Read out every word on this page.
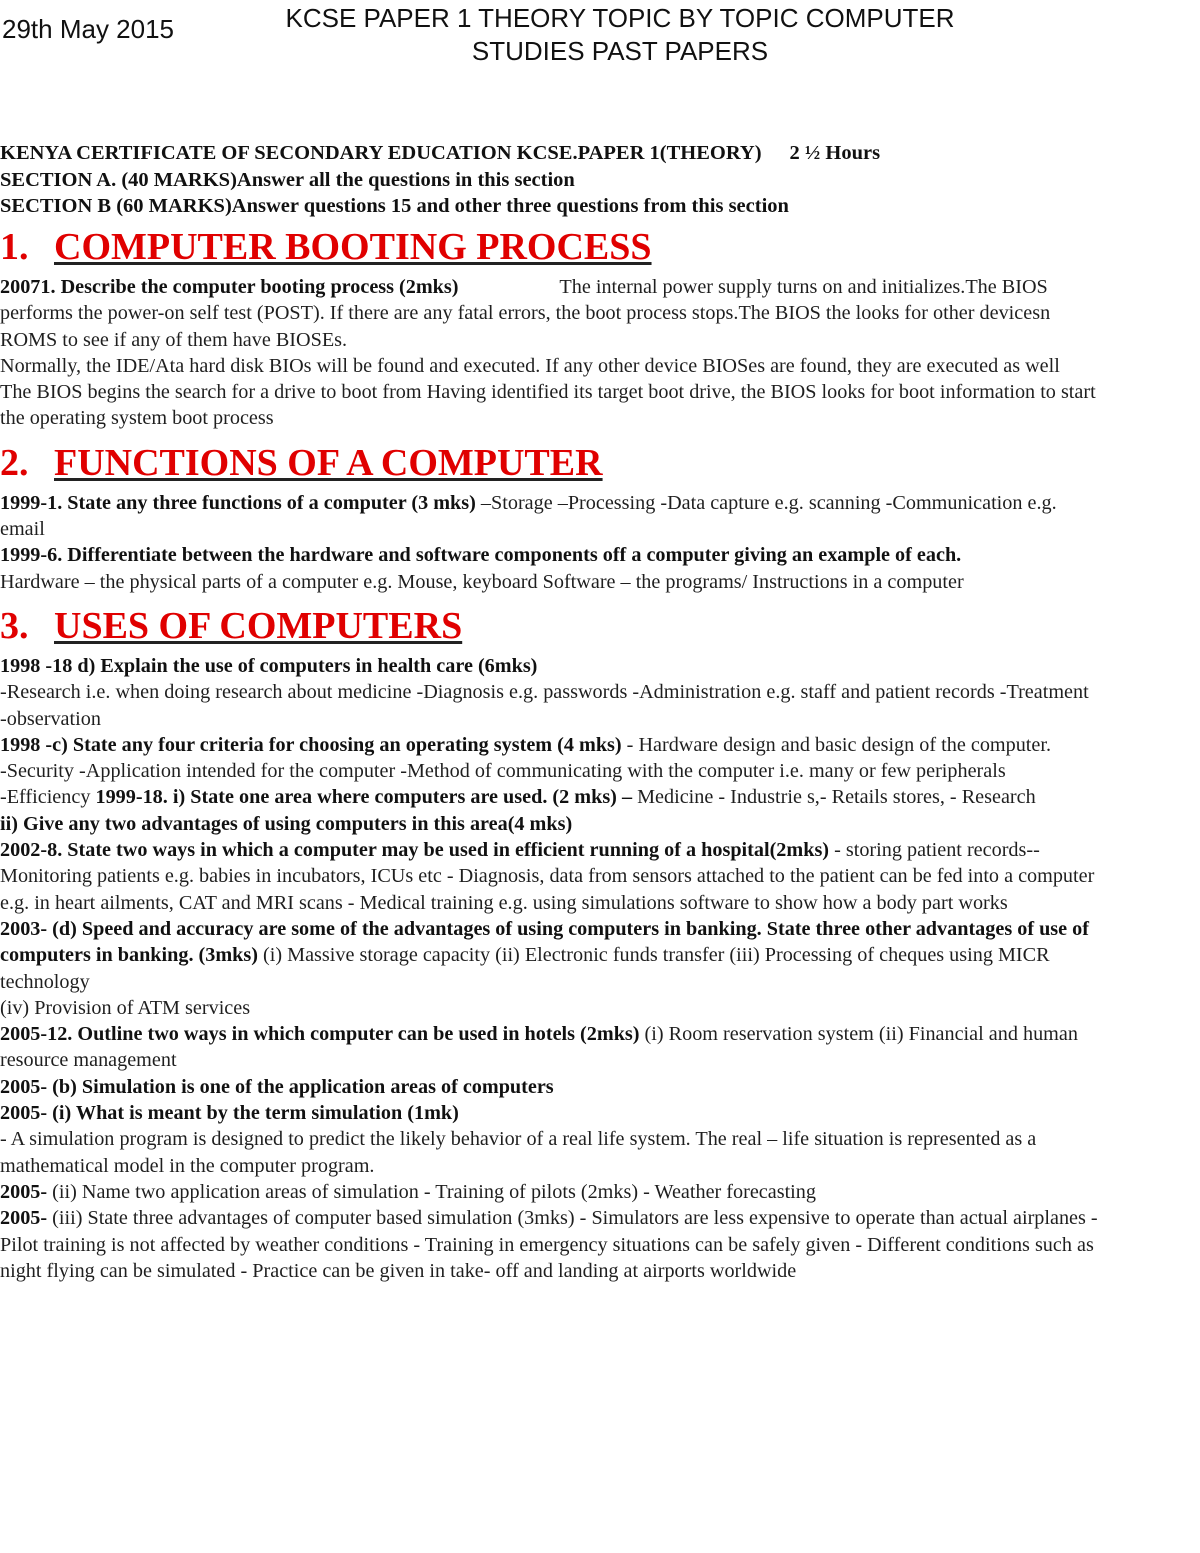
29th May 2015	KCSE PAPER 1 THEORY TOPIC BY TOPIC COMPUTER
STUDIES PAST PAPERS
KENYA CERTIFICATE OF SECONDARY EDUCATION KCSE.PAPER 1(THEORY) 2 ½ Hours
SECTION A. (40 MARKS)Answer all the questions in this section
SECTION B (60 MARKS)Answer questions 15 and other three questions from this section
1. COMPUTER BOOTING PROCESS

20071. Describe the computer booting process (2mks)	The internal power supply turns on and initializes.The BIOS performs the power-on self test (POST). If there are any fatal errors, the boot process stops.The BIOS the looks for other devicesn ROMS to see if any of them have BIOSEs.

Normally, the IDE/Ata hard disk BIOs will be found and executed. If any other device BIOSes are found, they are executed as well

The BIOS begins the search for a drive to boot from Having identified its target boot drive, the BIOS looks for boot information to start the operating system boot process

2. FUNCTIONS OF A COMPUTER

1999-1. State any three functions of a computer (3 mks) –Storage –Processing -Data capture e.g. scanning -Communication e.g. email

1999-6. Differentiate between the hardware and software components off a computer giving an example of each.

Hardware – the physical parts of a computer e.g. Mouse, keyboard Software – the programs/ Instructions in a computer

3. USES OF COMPUTERS

1998 -18 d) Explain the use of computers in health care (6mks)

-Research i.e. when doing research about medicine -Diagnosis e.g. passwords -Administration e.g. staff and patient records -Treatment

-observation

1998 -c) State any four criteria for choosing an operating system (4 mks) - Hardware design and basic design of the computer.

-Security -Application intended for the computer -Method of communicating with the computer i.e. many or few peripherals

-Efficiency 1999-18. i) State one area where computers are used. (2 mks) – Medicine - Industrie s,- Retails stores, - Research

ii) Give any two advantages of using computers in this area(4 mks)

2002-8. State two ways in which a computer may be used in efficient running of a hospital(2mks) - storing patient records-- Monitoring patients e.g. babies in incubators, ICUs etc - Diagnosis, data from sensors attached to the patient can be fed into a computer e.g. in heart ailments, CAT and MRI scans - Medical training e.g. using simulations software to show how a body part works

2003- (d) Speed and accuracy are some of the advantages of using computers in banking. State three other advantages of use of computers in banking. (3mks) (i) Massive storage capacity (ii) Electronic funds transfer (iii) Processing of cheques using MICR technology

(iv) Provision of ATM services

2005-12. Outline two ways in which computer can be used in hotels (2mks) (i) Room reservation system (ii) Financial and human resource management

2005- (b) Simulation is one of the application areas of computers

2005- (i) What is meant by the term simulation (1mk)

- A simulation program is designed to predict the likely behavior of a real life system. The real – life situation is represented as a mathematical model in the computer program.

2005- (ii) Name two application areas of simulation - Training of pilots (2mks) - Weather forecasting

2005- (iii) State three advantages of computer based simulation (3mks) - Simulators are less expensive to operate than actual airplanes - Pilot training is not affected by weather conditions - Training in emergency situations can be safely given - Different conditions such as night flying can be simulated - Practice can be given in take- off and landing at airports worldwide
